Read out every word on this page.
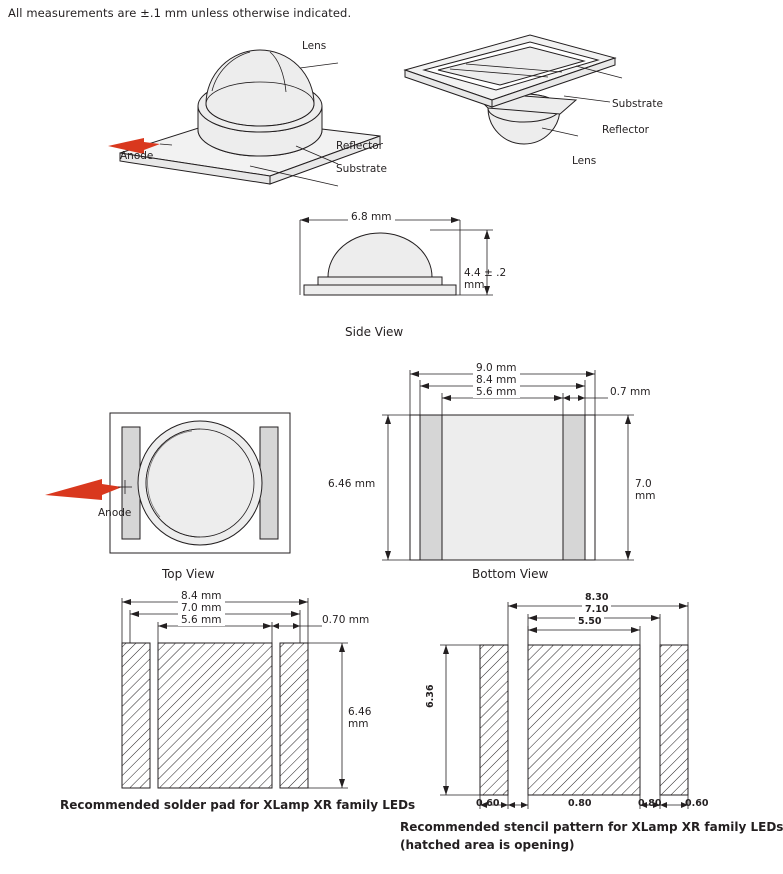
All measurements are ±.1 mm unless otherwise indicated.
Lens
Reflector
Substrate
Anode
Substrate
Reflector
Lens
6.8 mm
4.4 ± .2 mm
Side View
Anode
Top View
9.0 mm
8.4 mm
5.6 mm	0.7 mm
6.46 mm	7.0 mm
Bottom View
8.4 mm
7.0 mm
5.6 mm	0.70 mm
6.46 mm
Recommended solder pad for XLamp XR family LEDs
8.30
7.10
5.50
6.36
0.60	0.80	0.80 0.60
Recommended stencil pattern for XLamp XR family LEDs
(hatched area is opening)
